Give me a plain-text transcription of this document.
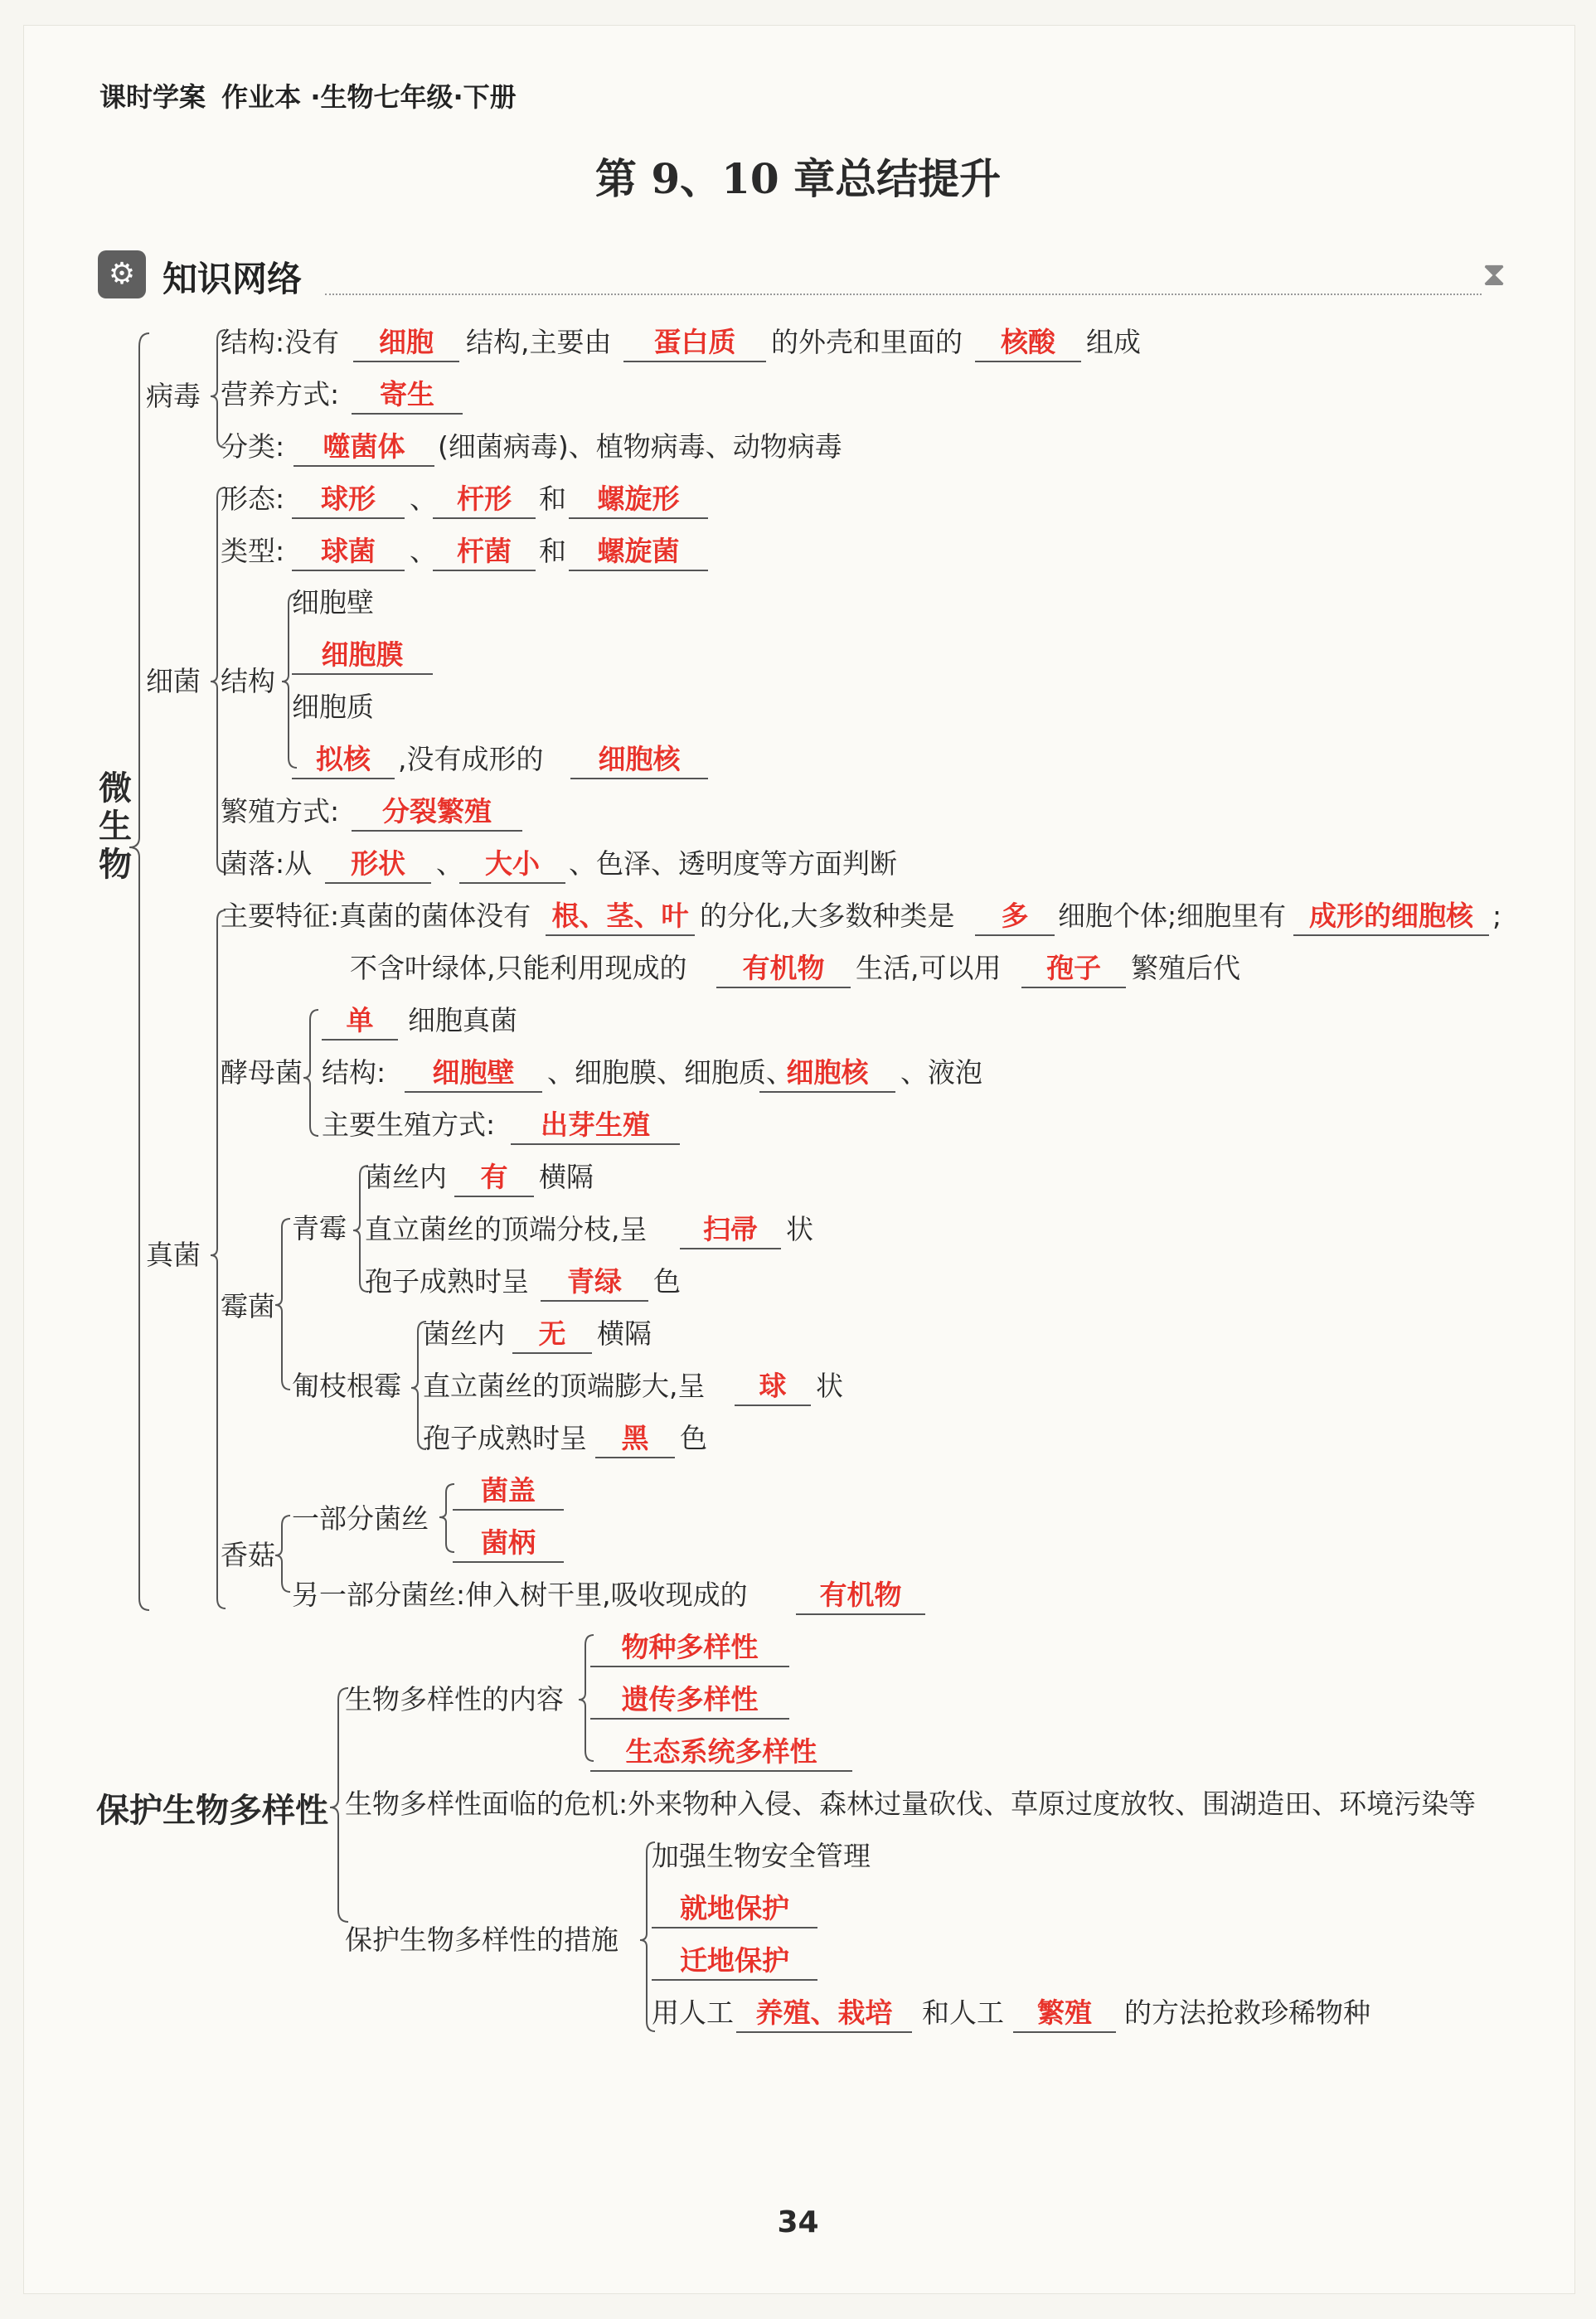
课时学案 作业本 ·生物七年级·下册
第 9、10 章总结提升
⚙ 知识网络	⧗
微生物
病毒
结构:没有	细胞	结构,主要由	蛋白质	的外壳和里面的	核酸	组成
营养方式:	寄生
分类:	噬菌体	(细菌病毒)、植物病毒、动物病毒
细菌
形态:	球形	、 杆形	和	螺旋形
类型:	球菌	、 杆菌	和	螺旋菌
结构
细胞壁
细胞膜
细胞质
拟核	,没有成形的	细胞核
繁殖方式:	分裂繁殖
菌落:从	形状	、 大小	、色泽、透明度等方面判断
真菌
主要特征:真菌的菌体没有 根、茎、叶 的分化,大多数种类是	多	细胞个体;细胞里有 成形的细胞核 ;
不含叶绿体,只能利用现成的	有机物	生活,可以用	孢子	繁殖后代
酵母菌
单	细胞真菌
结构:	细胞壁	、细胞膜、细胞质、
细胞核	、液泡
主要生殖方式:	出芽生殖
霉菌
青霉
菌丝内	有	横隔
直立菌丝的顶端分枝,呈	扫帚	状
孢子成熟时呈	青绿	色
匍枝根霉
菌丝内	无	横隔
直立菌丝的顶端膨大,呈	球	状
孢子成熟时呈	黑	色
香菇
一部分菌丝
菌盖
菌柄
另一部分菌丝:伸入树干里,吸收现成的	有机物
保护生物多样性
生物多样性的内容
物种多样性
遗传多样性
生态系统多样性
生物多样性面临的危机:外来物种入侵、森林过量砍伐、草原过度放牧、围湖造田、环境污染等
保护生物多样性的措施
加强生物安全管理
就地保护
迁地保护
用人工 养殖、栽培	和人工	繁殖	的方法抢救珍稀物种
34
